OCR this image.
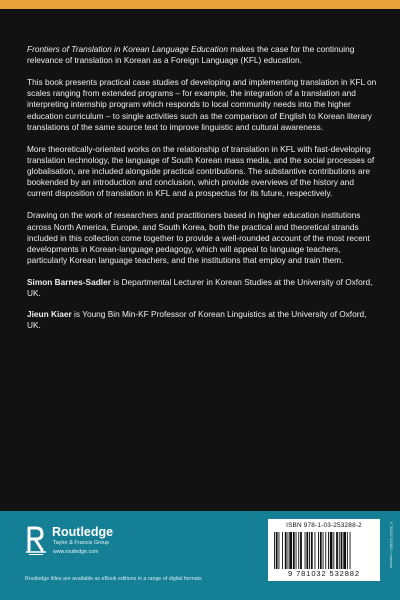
Frontiers of Translation in Korean Language Education makes the case for the continuing relevance of translation in Korean as a Foreign Language (KFL) education.

This book presents practical case studies of developing and implementing translation in KFL on scales ranging from extended programs – for example, the integration of a translation and interpreting internship program which responds to local community needs into the higher education curriculum – to single activities such as the comparison of English to Korean literary translations of the same source text to improve linguistic and cultural awareness.

More theoretically-oriented works on the relationship of translation in KFL with fast-developing translation technology, the language of South Korean mass media, and the social processes of globalisation, are included alongside practical contributions. The substantive contributions are bookended by an introduction and conclusion, which provide overviews of the history and current disposition of translation in KFL and a prospectus for its future, respectively.

Drawing on the work of researchers and practitioners based in higher education institutions across North America, Europe, and South Korea, both the practical and theoretical strands included in this collection come together to provide a well-rounded account of the most recent developments in Korean-language pedagogy, which will appeal to language teachers, particularly Korean language teachers, and the institutions that employ and train them.

Simon Barnes-Sadler is Departmental Lecturer in Korean Studies at the University of Oxford, UK.

Jieun Kiaer is Young Bin Min-KF Professor of Korean Linguistics at the University of Oxford, UK.

Routledge
Taylor & Francis Group
www.routledge.com
Routledge titles are available as eBook editions in a range of digital formats
ISBN 978-1-03-253288-2
9 781032 532882
9 781032 532882 » sidecode
